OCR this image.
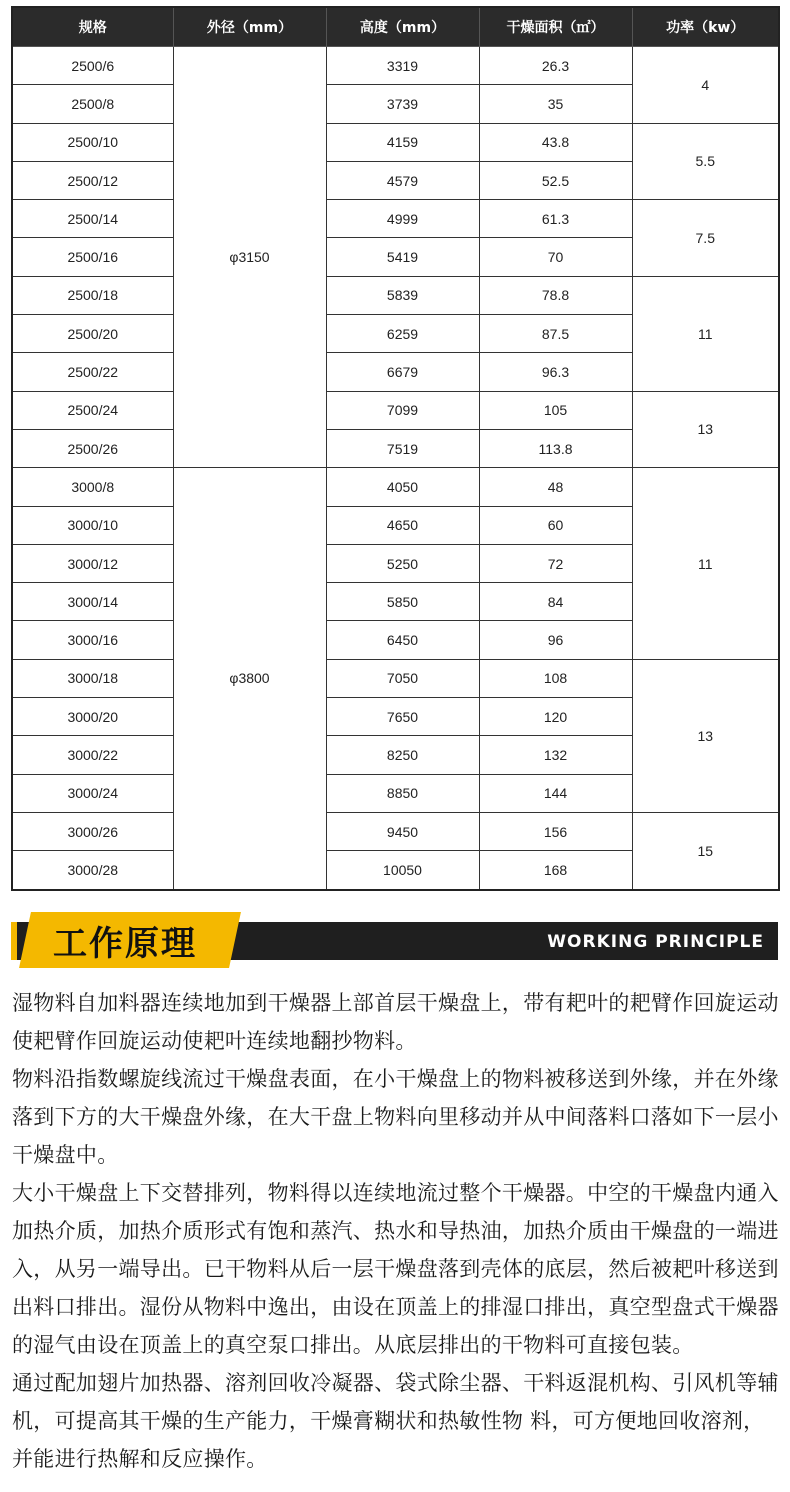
规格	外径（mm）	高度（mm）	干燥面积（㎡）	功率（kw）
2500/6	φ3150	3319	26.3	4
2500/8		3739	35	
2500/10		4159	43.8	5.5
2500/12		4579	52.5	
2500/14		4999	61.3	7.5
2500/16		5419	70	
2500/18		5839	78.8	11
2500/20		6259	87.5	
2500/22		6679	96.3	
2500/24		7099	105	13
2500/26		7519	113.8	
3000/8	φ3800	4050	48	11
3000/10		4650	60	
3000/12		5250	72	
3000/14		5850	84	
3000/16		6450	96	
3000/18		7050	108	13
3000/20		7650	120	
3000/22		8250	132	
3000/24		8850	144	
3000/26		9450	156	15
3000/28		10050	168	
工作原理	WORKING PRINCIPLE

湿物料自加料器连续地加到干燥器上部首层干燥盘上，带有耙叶的耙臂作回旋运动使耙臂作回旋运动使耙叶连续地翻抄物料。

物料沿指数螺旋线流过干燥盘表面，在小干燥盘上的物料被移送到外缘，并在外缘落到下方的大干燥盘外缘，在大干盘上物料向里移动并从中间落料口落如下一层小干燥盘中。

大小干燥盘上下交替排列，物料得以连续地流过整个干燥器。中空的干燥盘内通入加热介质，加热介质形式有饱和蒸汽、热水和导热油，加热介质由干燥盘的一端进入，从另一端导出。已干物料从后一层干燥盘落到壳体的底层，然后被耙叶移送到出料口排出。湿份从物料中逸出，由设在顶盖上的排湿口排出，真空型盘式干燥器的湿气由设在顶盖上的真空泵口排出。从底层排出的干物料可直接包装。

通过配加翅片加热器、溶剂回收冷凝器、袋式除尘器、干料返混机构、引风机等辅机，可提高其干燥的生产能力，干燥膏糊状和热敏性物 料，可方便地回收溶剂，并能进行热解和反应操作。
